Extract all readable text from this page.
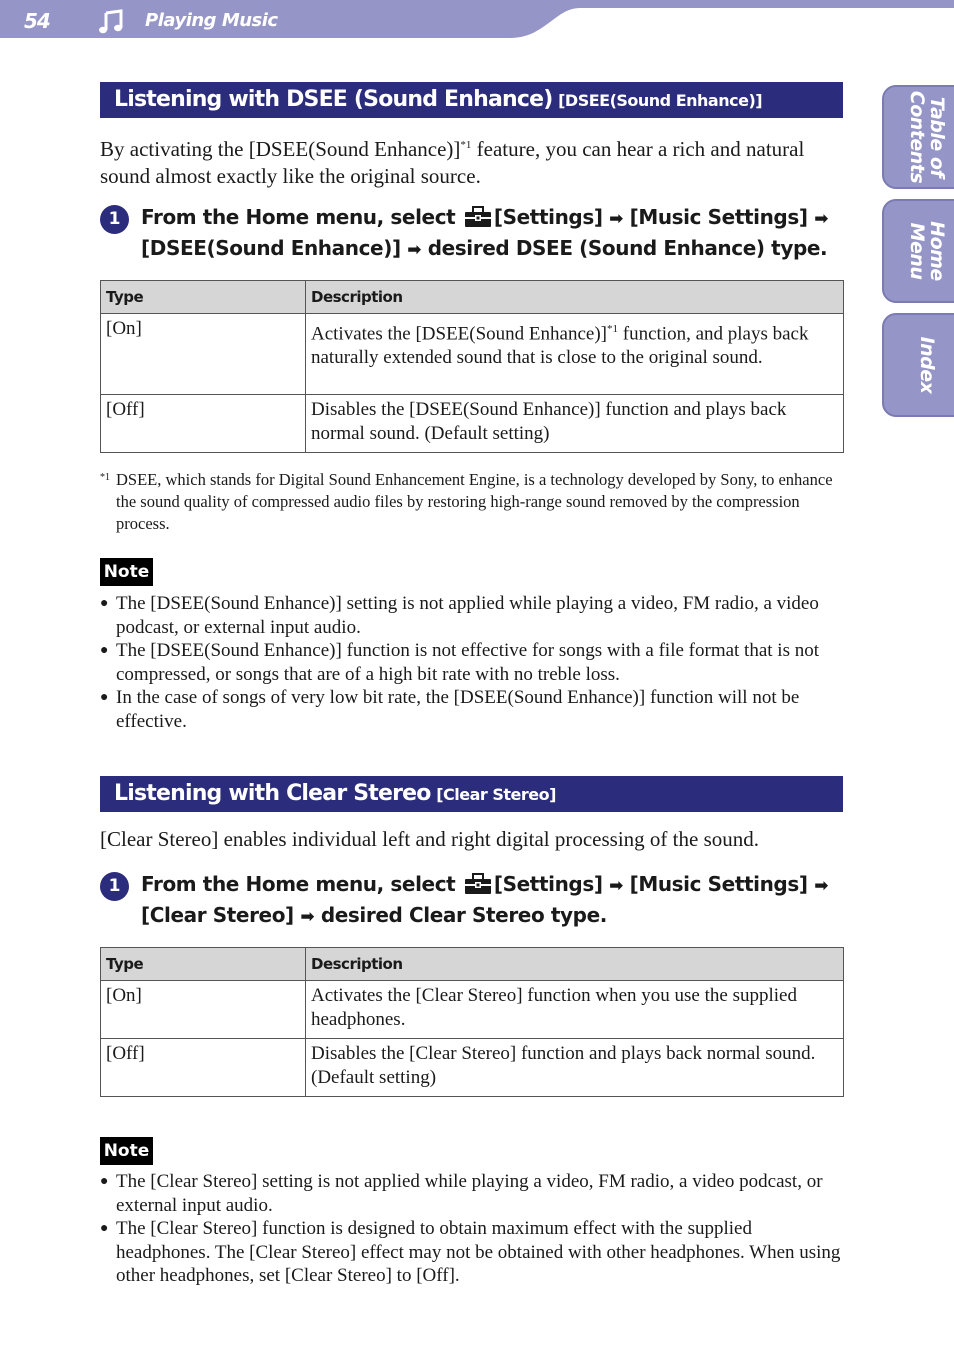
54	Playing Music
Table of
Contents
Home
Menu
Index
Listening with DSEE (Sound Enhance) [DSEE(Sound Enhance)]
By activating the [DSEE(Sound Enhance)]$^{*1}$ feature, you can hear a rich and natural sound almost exactly like the original source.
1	From the Home menu, select [Settings] ➡ [Music Settings] ➡
[DSEE(Sound Enhance)] ➡ desired DSEE (Sound Enhance) type.
Type	Description
[On]	Activates the [DSEE(Sound Enhance)]$^{*1}$ function, and plays back naturally extended sound that is close to the original sound.
[Off]	Disables the [DSEE(Sound Enhance)] function and plays back normal sound. (Default setting)
*1 DSEE, which stands for Digital Sound Enhancement Engine, is a technology developed by Sony, to enhance the sound quality of compressed audio files by restoring high-range sound removed by the compression process.
Note
● The [DSEE(Sound Enhance)] setting is not applied while playing a video, FM radio, a video podcast, or external input audio.
● The [DSEE(Sound Enhance)] function is not effective for songs with a file format that is not compressed, or songs that are of a high bit rate with no treble loss.
● In the case of songs of very low bit rate, the [DSEE(Sound Enhance)] function will not be effective.
Listening with Clear Stereo [Clear Stereo]
[Clear Stereo] enables individual left and right digital processing of the sound.
1	From the Home menu, select [Settings] ➡ [Music Settings] ➡
[Clear Stereo] ➡ desired Clear Stereo type.
Type	Description
[On]	Activates the [Clear Stereo] function when you use the supplied headphones.
[Off]	Disables the [Clear Stereo] function and plays back normal sound. (Default setting)
Note
● The [Clear Stereo] setting is not applied while playing a video, FM radio, a video podcast, or external input audio.
● The [Clear Stereo] function is designed to obtain maximum effect with the supplied headphones. The [Clear Stereo] effect may not be obtained with other headphones. When using other headphones, set [Clear Stereo] to [Off].
